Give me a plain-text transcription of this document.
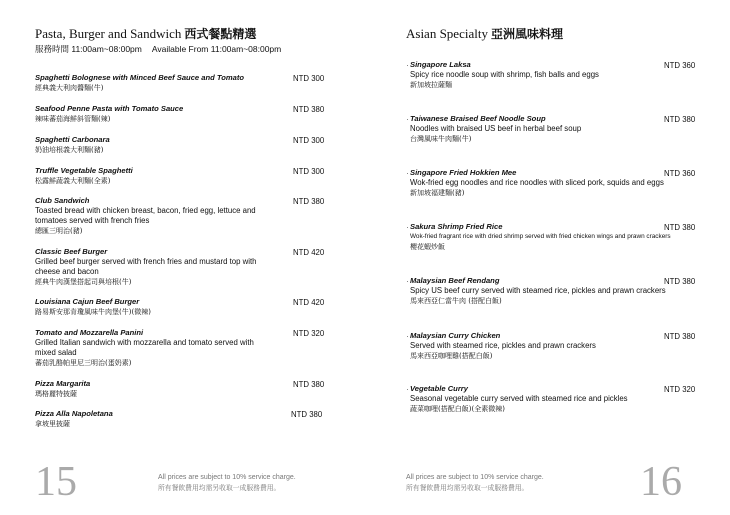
Pasta, Burger and Sandwich 西式餐點精選
服務時間 11:00am~08:00pm Available From 11:00am~08:00pm
Spaghetti Bolognese with Minced Beef Sauce and Tomato
經典義大利肉醬麵(牛)
NTD 300
Seafood Penne Pasta with Tomato Sauce
辣味蕃茄海鮮斜管麵(辣)
NTD 380
Spaghetti Carbonara
奶油培根義大利麵(豬)
NTD 300
Truffle Vegetable Spaghetti
松露鮮蔬義大利麵(全素)
NTD 300
Club Sandwich
Toasted bread with chicken breast, bacon, fried egg, lettuce and tomatoes served with french fries
總匯三明治(豬)
NTD 380
Classic Beef Burger
Grilled beef burger served with french fries and mustard top with cheese and bacon
經典牛肉漢堡搭起司與培根(牛)
NTD 420
Louisiana Cajun Beef Burger
路易斯安那肯瓊風味牛肉堡(牛)(微辣)
NTD 420
Tomato and Mozzarella Panini
Grilled Italian sandwich with mozzarella and tomato served with mixed salad
蕃茄乳酪帕里尼三明治(蛋奶素)
NTD 320
Pizza Margarita
瑪格麗特披薩
NTD 380
Pizza Alla Napoletana
拿坡里披薩
NTD 380
15	All prices are subject to 10% service charge.
所有餐飲費用均需另收取一成服務費用。
Asian Specialty 亞洲風味料理
Singapore Laksa
Spicy rice noodle soup with shrimp, fish balls and eggs
新加坡拉薩麵
NTD 360
Taiwanese Braised Beef Noodle Soup
Noodles with braised US beef in herbal beef soup
台灣風味牛肉麵(牛)
NTD 380
Singapore Fried Hokkien Mee
Wok-fried egg noodles and rice noodles with sliced pork, squids and eggs
新加坡福建麵(豬)
NTD 360
Sakura Shrimp Fried Rice
Wok-fried fragrant rice with dried shrimp served with fried chicken wings and prawn crackers
櫻花蝦炒飯
NTD 380
Malaysian Beef Rendang
Spicy US beef curry served with steamed rice, pickles and prawn crackers
馬來西亞仁當牛肉 (搭配白飯)
NTD 380
Malaysian Curry Chicken
Served with steamed rice, pickles and prawn crackers
馬來西亞咖哩雞(搭配白飯)
NTD 380
Vegetable Curry
Seasonal vegetable curry served with steamed rice and pickles
蔬菜咖哩(搭配白飯)(全素微辣)
NTD 320
All prices are subject to 10% service charge.
所有餐飲費用均需另收取一成服務費用。	16
